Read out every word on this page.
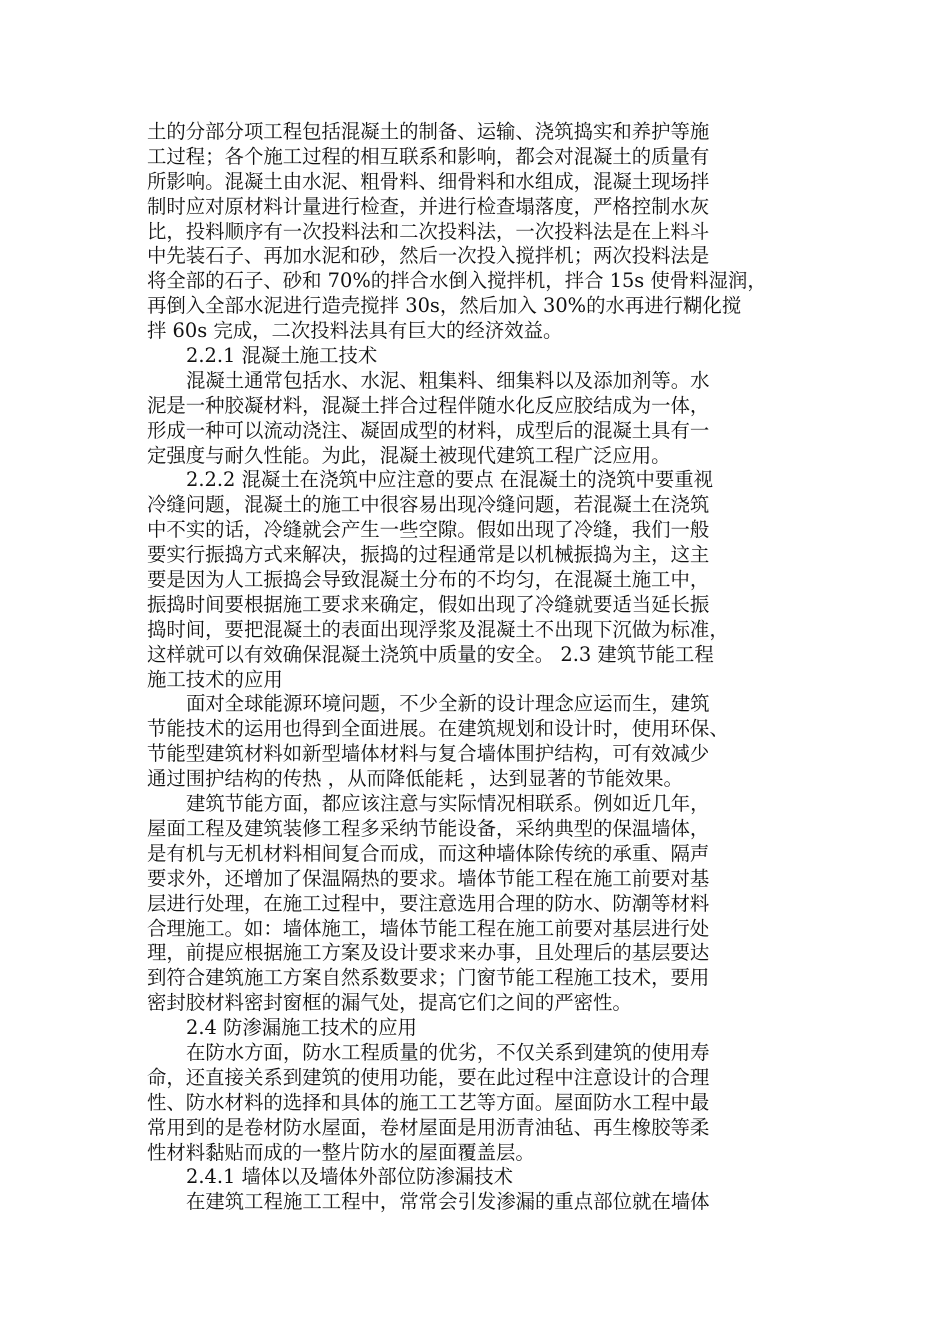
土的分部分项工程包括混凝土的制备、运输、浇筑捣实和养护等施
工过程；各个施工过程的相互联系和影响，都会对混凝土的质量有
所影响。混凝土由水泥、粗骨料、细骨料和水组成，混凝土现场拌
制时应对原材料计量进行检查，并进行检查塌落度，严格控制水灰
比，投料顺序有一次投料法和二次投料法，一次投料法是在上料斗
中先装石子、再加水泥和砂，然后一次投入搅拌机；两次投料法是
将全部的石子、砂和 70%的拌合水倒入搅拌机，拌合 15s 使骨料湿润，
再倒入全部水泥进行造壳搅拌 30s，然后加入 30%的水再进行糊化搅
拌 60s 完成，二次投料法具有巨大的经济效益。
2.2.1 混凝土施工技术
混凝土通常包括水、水泥、粗集料、细集料以及添加剂等。水
泥是一种胶凝材料，混凝土拌合过程伴随水化反应胶结成为一体，
形成一种可以流动浇注、凝固成型的材料，成型后的混凝土具有一
定强度与耐久性能。为此，混凝土被现代建筑工程广泛应用。
2.2.2 混凝土在浇筑中应注意的要点 在混凝土的浇筑中要重视
冷缝问题，混凝土的施工中很容易出现冷缝问题，若混凝土在浇筑
中不实的话，冷缝就会产生一些空隙。假如出现了冷缝，我们一般
要实行振捣方式来解决，振捣的过程通常是以机械振捣为主，这主
要是因为人工振捣会导致混凝土分布的不均匀，在混凝土施工中，
振捣时间要根据施工要求来确定，假如出现了冷缝就要适当延长振
捣时间，要把混凝土的表面出现浮浆及混凝土不出现下沉做为标准，
这样就可以有效确保混凝土浇筑中质量的安全。 2.3 建筑节能工程
施工技术的应用
面对全球能源环境问题，不少全新的设计理念应运而生，建筑
节能技术的运用也得到全面进展。在建筑规划和设计时，使用环保、
节能型建筑材料如新型墙体材料与复合墙体围护结构，可有效减少
通过围护结构的传热 ，从而降低能耗 ，达到显著的节能效果。
建筑节能方面，都应该注意与实际情况相联系。例如近几年，
屋面工程及建筑装修工程多采纳节能设备，采纳典型的保温墙体，
是有机与无机材料相间复合而成，而这种墙体除传统的承重、隔声
要求外，还增加了保温隔热的要求。墙体节能工程在施工前要对基
层进行处理，在施工过程中，要注意选用合理的防水、防潮等材料
合理施工。如：墙体施工，墙体节能工程在施工前要对基层进行处
理，前提应根据施工方案及设计要求来办事，且处理后的基层要达
到符合建筑施工方案自然系数要求；门窗节能工程施工技术，要用
密封胶材料密封窗框的漏气处，提高它们之间的严密性。
2.4 防渗漏施工技术的应用
在防水方面，防水工程质量的优劣，不仅关系到建筑的使用寿
命，还直接关系到建筑的使用功能，要在此过程中注意设计的合理
性、防水材料的选择和具体的施工工艺等方面。屋面防水工程中最
常用到的是卷材防水屋面，卷材屋面是用沥青油毡、再生橡胶等柔
性材料黏贴而成的一整片防水的屋面覆盖层。
2.4.1 墙体以及墙体外部位防渗漏技术
在建筑工程施工工程中，常常会引发渗漏的重点部位就在墙体
